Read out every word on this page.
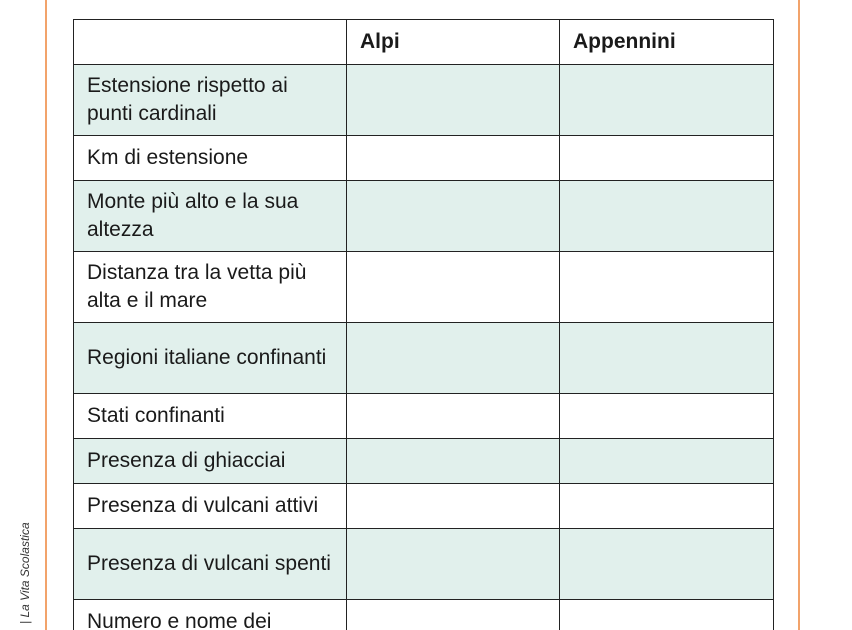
| La Vita Scolastica
	Alpi	Appennini
Estensione rispetto ai punti cardinali		
Km di estensione		
Monte più alto e la sua altezza		
Distanza tra la vetta più alta e il mare		
Regioni italiane confinanti		
Stati confinanti		
Presenza di ghiacciai		
Presenza di vulcani attivi		
Presenza di vulcani spenti		
Numero e nome dei		
